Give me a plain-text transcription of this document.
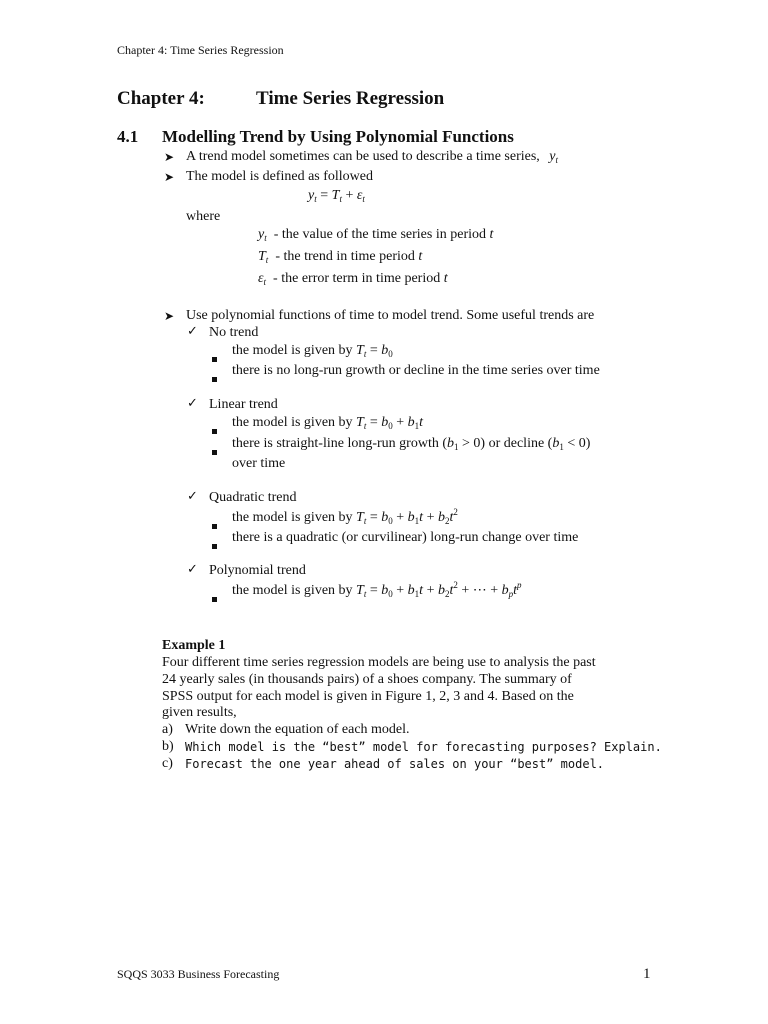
Chapter 4: Time Series Regression
Chapter 4:	Time Series Regression
4.1 Modelling Trend by Using Polynomial Functions
➤ A trend model sometimes can be used to describe a time series, $y_t$
➤ The model is defined as followed
$y_t = T_t + \varepsilon_t$
where
$y_t$ - the value of the time series in period t
$T_t$ - the trend in time period t
$\varepsilon_t$ - the error term in time period t
➤ Use polynomial functions of time to model trend. Some useful trends are
✓ No trend
the model is given by $T_t = b_0$
there is no long-run growth or decline in the time series over time
✓ Linear trend
the model is given by $T_t = b_0 + b_1t$
there is straight-line long-run growth $(b_1 > 0)$ or decline $(b_1 < 0)$
over time
✓ Quadratic trend
the model is given by $T_t = b_0 + b_1t + b_2t^2$
there is a quadratic (or curvilinear) long-run change over time
✓ Polynomial trend
the model is given by $T_t = b_0 + b_1t + b_2t^2$ + ⋯ + $b_pt^p$
Example 1
Four different time series regression models are being use to analysis the past
24 yearly sales (in thousands pairs) of a shoes company. The summary of
SPSS output for each model is given in Figure 1, 2, 3 and 4. Based on the
given results,
a) Write down the equation of each model.
b) Which model is the “best” model for forecasting purposes? Explain.
c) Forecast the one year ahead of sales on your “best” model.
SQQS 3033 Business Forecasting	1
